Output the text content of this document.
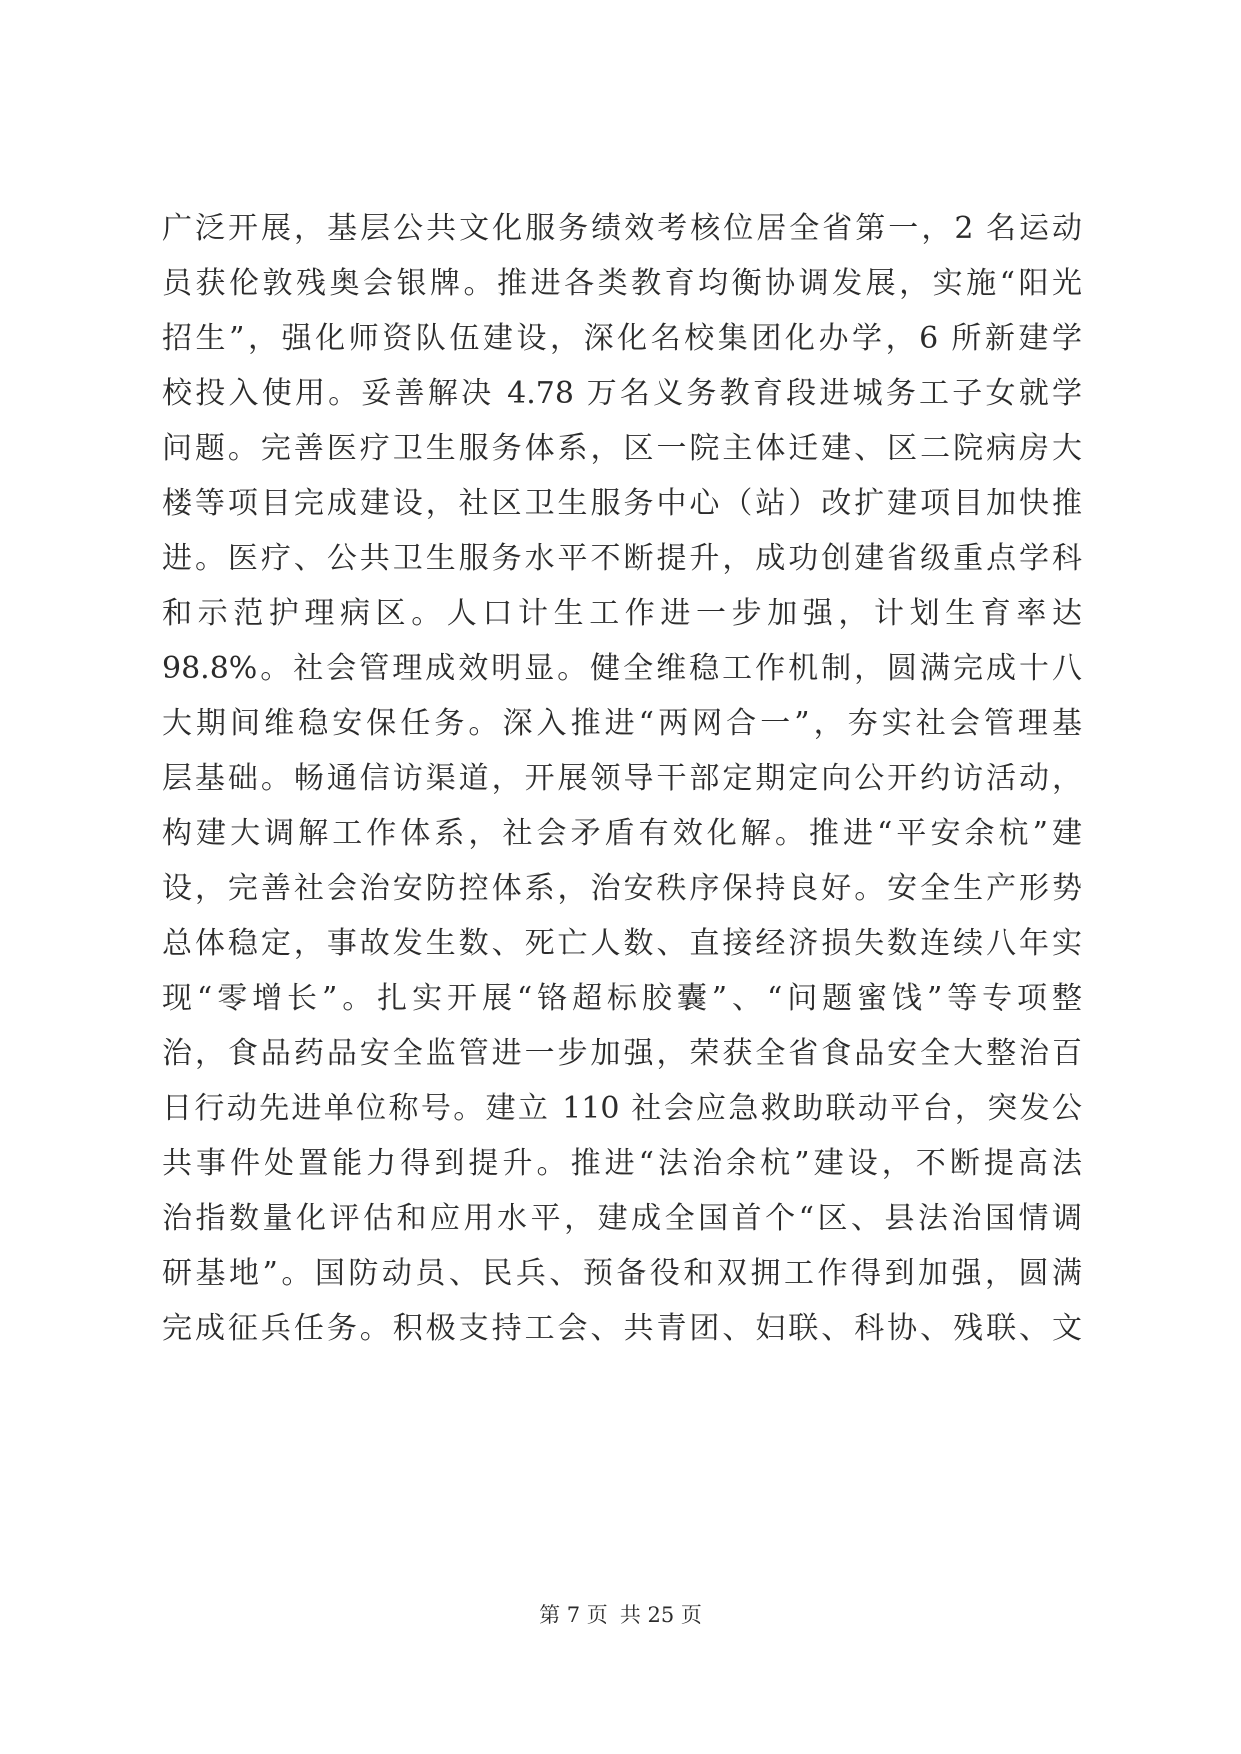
广泛开展，基层公共文化服务绩效考核位居全省第一，2 名运动
员获伦敦残奥会银牌。推进各类教育均衡协调发展，实施“阳光
招生”，强化师资队伍建设，深化名校集团化办学，6 所新建学
校投入使用。妥善解决 4.78 万名义务教育段进城务工子女就学
问题。完善医疗卫生服务体系，区一院主体迁建、区二院病房大
楼等项目完成建设，社区卫生服务中心（站）改扩建项目加快推
进。医疗、公共卫生服务水平不断提升，成功创建省级重点学科
和示范护理病区。人口计生工作进一步加强，计划生育率达
98.8%。社会管理成效明显。健全维稳工作机制，圆满完成十八
大期间维稳安保任务。深入推进“两网合一”，夯实社会管理基
层基础。畅通信访渠道，开展领导干部定期定向公开约访活动，
构建大调解工作体系，社会矛盾有效化解。推进“平安余杭”建
设，完善社会治安防控体系，治安秩序保持良好。安全生产形势
总体稳定，事故发生数、死亡人数、直接经济损失数连续八年实
现“零增长”。扎实开展“铬超标胶囊”、“问题蜜饯”等专项整
治，食品药品安全监管进一步加强，荣获全省食品安全大整治百
日行动先进单位称号。建立 110 社会应急救助联动平台，突发公
共事件处置能力得到提升。推进“法治余杭”建设，不断提高法
治指数量化评估和应用水平，建成全国首个“区、县法治国情调
研基地”。国防动员、民兵、预备役和双拥工作得到加强，圆满
完成征兵任务。积极支持工会、共青团、妇联、科协、残联、文
第 7 页 共 25 页
